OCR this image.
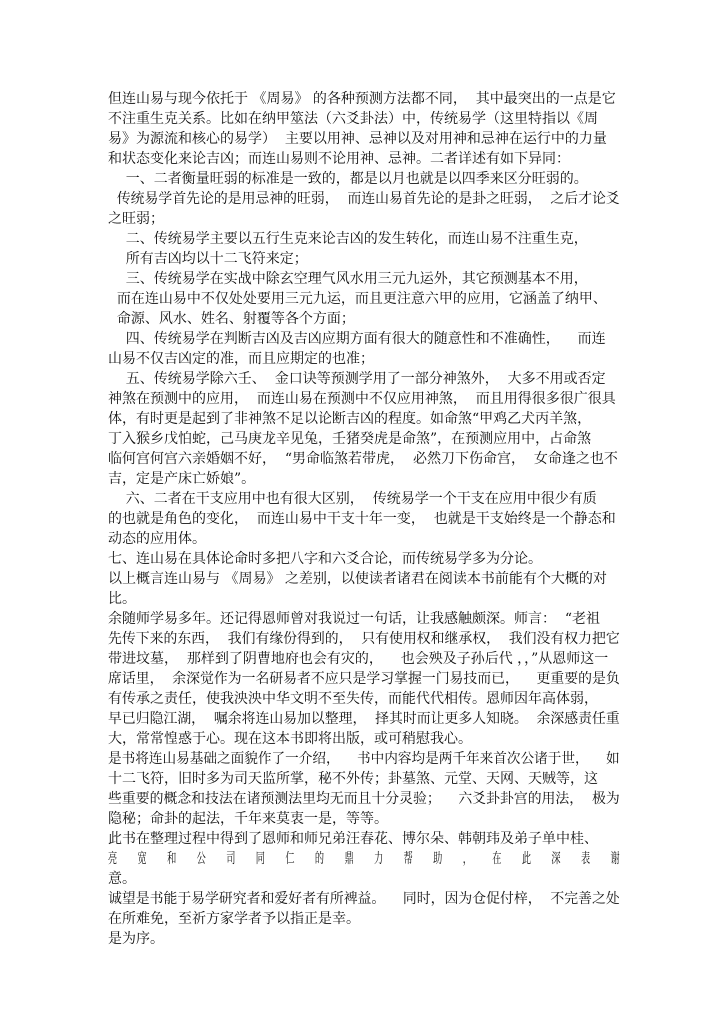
但连山易与现今依托于 《周易》 的各种预测方法都不同，  其中最突出的一点是它
不注重生克关系。比如在纳甲筮法（六爻卦法）中，传统易学（这里特指以《周
易》为源流和核心的易学）  主要以用神、忌神以及对用神和忌神在运行中的力量
和状态变化来论吉凶；而连山易则不论用神、忌神。二者详述有如下异同：
一、二者衡量旺弱的标准是一致的，都是以月也就是以四季来区分旺弱的。
传统易学首先论的是用忌神的旺弱，  而连山易首先论的是卦之旺弱，  之后才论爻
之旺弱；
二、传统易学主要以五行生克来论吉凶的发生转化，而连山易不注重生克，
所有吉凶均以十二飞符来定；
三、传统易学在实战中除玄空理气风水用三元九运外，其它预测基本不用，
而在连山易中不仅处处要用三元九运，而且更注意六甲的应用，它涵盖了纳甲、
命源、风水、姓名、射覆等各个方面；
四、传统易学在判断吉凶及吉凶应期方面有很大的随意性和不准确性，    而连
山易不仅吉凶定的准，而且应期定的也准；
五、传统易学除六壬、  金口诀等预测学用了一部分神煞外，  大多不用或否定
神煞在预测中的应用，  而连山易在预测中不仅应用神煞，  而且用得很多很广很具
体，有时更是起到了非神煞不足以论断吉凶的程度。如命煞“甲鸡乙犬丙羊煞，
丁入猴乡戊怕蛇，己马庚龙辛见兔，壬猪癸虎是命煞”，在预测应用中，占命煞
临何宫何宫六亲婚姻不好，  “男命临煞若带虎，  必然刀下伤命宫，  女命逢之也不
吉，定是产床亡娇娘”。
六、二者在干支应用中也有很大区别，  传统易学一个干支在应用中很少有质
的也就是角色的变化，  而连山易中干支十年一变，  也就是干支始终是一个静态和
动态的应用体。
七、连山易在具体论命时多把八字和六爻合论，而传统易学多为分论。
以上概言连山易与 《周易》 之差别，以使读者诸君在阅读本书前能有个大概的对
比。
余随师学易多年。还记得恩师曾对我说过一句话，让我感触颇深。师言：  “老祖
先传下来的东西，  我们有缘份得到的，  只有使用权和继承权，  我们没有权力把它
带进坟墓，  那样到了阴曹地府也会有灾的，    也会殃及子孙后代 ，，”从恩师这一
席话里，  余深觉作为一名研易者不应只是学习掌握一门易技而已，    更重要的是负
有传承之责任，使我泱泱中华文明不至失传，而能代代相传。恩师因年高体弱，
早已归隐江湖，  嘱余将连山易加以整理，  择其时而让更多人知晓。  余深感责任重
大，常常惶惑于心。现在这本书即将出版，或可稍慰我心。
是书将连山易基础之面貌作了一介绍，    书中内容均是两千年来首次公诸于世，    如
十二飞符，旧时多为司天监所掌，秘不外传；卦墓煞、元堂、天网、天贼等，这
些重要的概念和技法在诸预测法里均无而且十分灵验；    六爻卦卦宫的用法，  极为
隐秘；命卦的起法，千年来莫衷一是，等等。
此书在整理过程中得到了恩师和师兄弟汪春花、博尔朵、韩朝玮及弟子单中桂、
亮       宽       和       公       司       同       仁       的       鼎       力       帮       助       ，       在       此       深       表       谢
意。
诚望是书能于易学研究者和爱好者有所裨益。    同时，因为仓促付梓，  不完善之处
在所难免，至祈方家学者予以指正是幸。
是为序。
